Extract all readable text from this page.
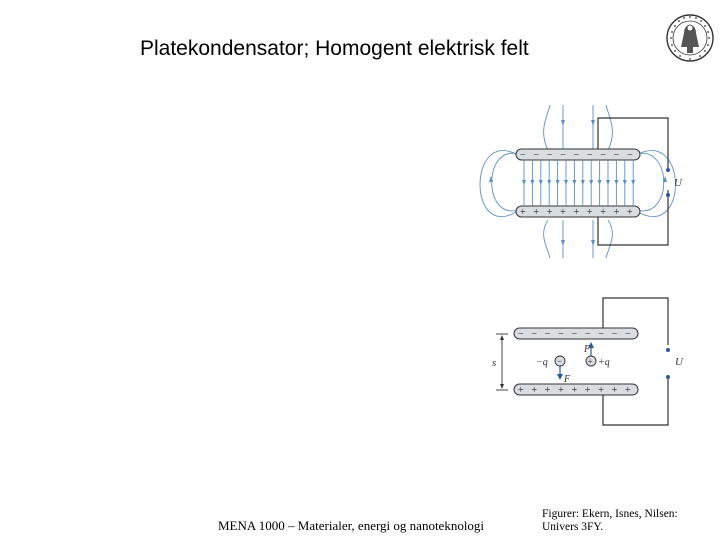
Platekondensator; Homogent elektrisk felt
U
− − − − − − − − −
+ + + + + + + + +
U
− − − − − − − − −
+ + + + + + + + +
s	−	+
−q	+q
F
F
MENA 1000 – Materialer, energi og nanoteknologi
Figurer: Ekern, Isnes, Nilsen:
Univers 3FY.
